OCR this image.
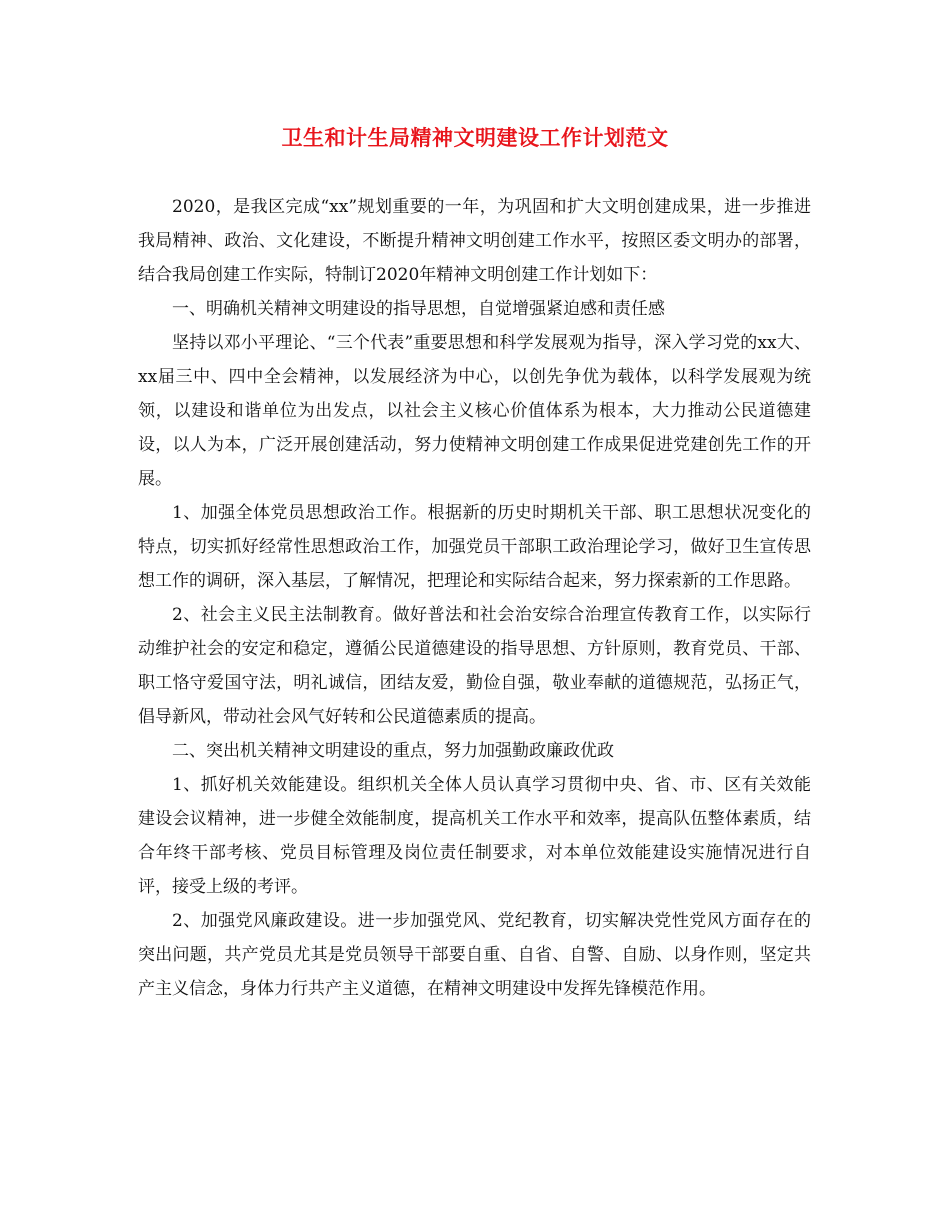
卫生和计生局精神文明建设工作计划范文

2020，是我区完成“xx”规划重要的一年，为巩固和扩大文明创建成果，进一步推进我局精神、政治、文化建设，不断提升精神文明创建工作水平，按照区委文明办的部署，结合我局创建工作实际，特制订2020年精神文明创建工作计划如下：

一、明确机关精神文明建设的指导思想，自觉增强紧迫感和责任感

坚持以邓小平理论、“三个代表”重要思想和科学发展观为指导，深入学习党的xx大、xx届三中、四中全会精神，以发展经济为中心，以创先争优为载体，以科学发展观为统领，以建设和谐单位为出发点，以社会主义核心价值体系为根本，大力推动公民道德建设，以人为本，广泛开展创建活动，努力使精神文明创建工作成果促进党建创先工作的开展。

1、加强全体党员思想政治工作。根据新的历史时期机关干部、职工思想状况变化的特点，切实抓好经常性思想政治工作，加强党员干部职工政治理论学习，做好卫生宣传思想工作的调研，深入基层，了解情况，把理论和实际结合起来，努力探索新的工作思路。

2、社会主义民主法制教育。做好普法和社会治安综合治理宣传教育工作，以实际行动维护社会的安定和稳定，遵循公民道德建设的指导思想、方针原则，教育党员、干部、职工恪守爱国守法，明礼诚信，团结友爱，勤俭自强，敬业奉献的道德规范，弘扬正气，倡导新风，带动社会风气好转和公民道德素质的提高。

二、突出机关精神文明建设的重点，努力加强勤政廉政优政

1、抓好机关效能建设。组织机关全体人员认真学习贯彻中央、省、市、区有关效能建设会议精神，进一步健全效能制度，提高机关工作水平和效率，提高队伍整体素质，结合年终干部考核、党员目标管理及岗位责任制要求，对本单位效能建设实施情况进行自评，接受上级的考评。

2、加强党风廉政建设。进一步加强党风、党纪教育，切实解决党性党风方面存在的突出问题，共产党员尤其是党员领导干部要自重、自省、自警、自励、以身作则，坚定共产主义信念，身体力行共产主义道德，在精神文明建设中发挥先锋模范作用。
